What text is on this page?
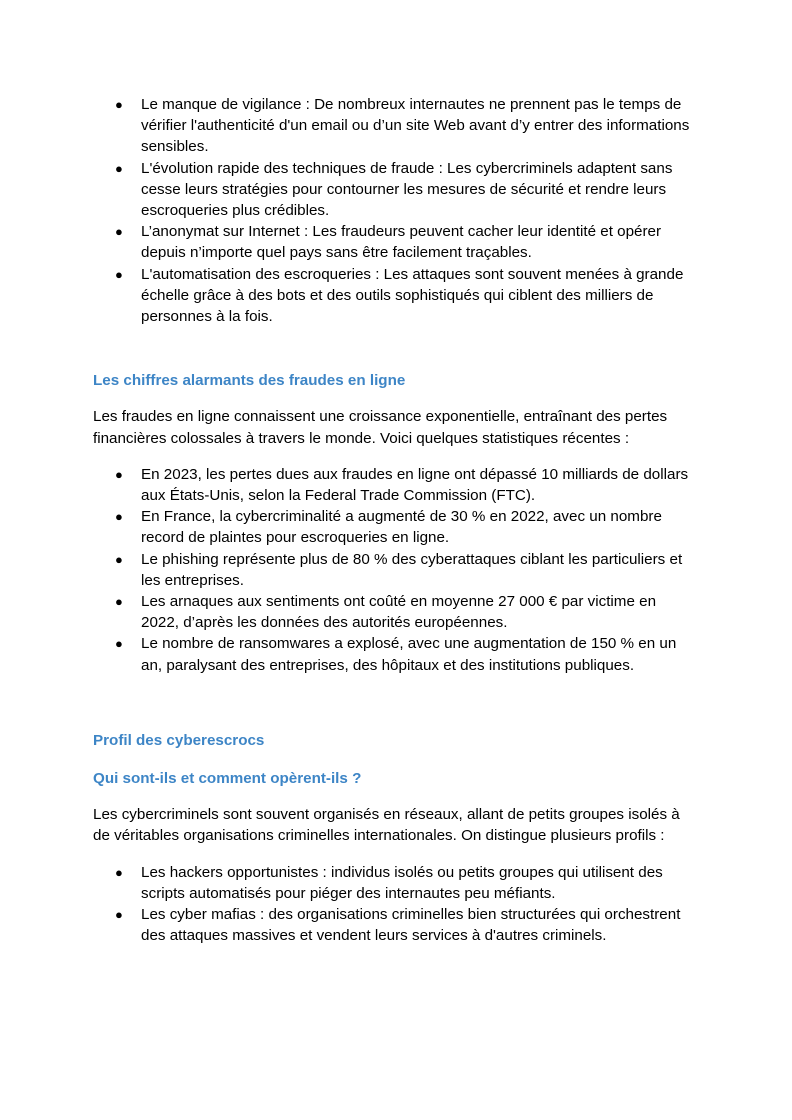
● Le manque de vigilance : De nombreux internautes ne prennent pas le temps de vérifier l'authenticité d'un email ou d’un site Web avant d’y entrer des informations sensibles.
● L'évolution rapide des techniques de fraude : Les cybercriminels adaptent sans cesse leurs stratégies pour contourner les mesures de sécurité et rendre leurs escroqueries plus crédibles.
● L’anonymat sur Internet : Les fraudeurs peuvent cacher leur identité et opérer depuis n’importe quel pays sans être facilement traçables.
● L'automatisation des escroqueries : Les attaques sont souvent menées à grande échelle grâce à des bots et des outils sophistiqués qui ciblent des milliers de personnes à la fois.
Les chiffres alarmants des fraudes en ligne

Les fraudes en ligne connaissent une croissance exponentielle, entraînant des pertes financières colossales à travers le monde. Voici quelques statistiques récentes :

● En 2023, les pertes dues aux fraudes en ligne ont dépassé 10 milliards de dollars aux États-Unis, selon la Federal Trade Commission (FTC).
● En France, la cybercriminalité a augmenté de 30 % en 2022, avec un nombre record de plaintes pour escroqueries en ligne.
● Le phishing représente plus de 80 % des cyberattaques ciblant les particuliers et les entreprises.
● Les arnaques aux sentiments ont coûté en moyenne 27 000 € par victime en 2022, d’après les données des autorités européennes.
● Le nombre de ransomwares a explosé, avec une augmentation de 150 % en un an, paralysant des entreprises, des hôpitaux et des institutions publiques.
Profil des cyberescrocs
Qui sont-ils et comment opèrent-ils ?

Les cybercriminels sont souvent organisés en réseaux, allant de petits groupes isolés à de véritables organisations criminelles internationales. On distingue plusieurs profils :

● Les hackers opportunistes : individus isolés ou petits groupes qui utilisent des scripts automatisés pour piéger des internautes peu méfiants.
● Les cyber mafias : des organisations criminelles bien structurées qui orchestrent des attaques massives et vendent leurs services à d'autres criminels.
